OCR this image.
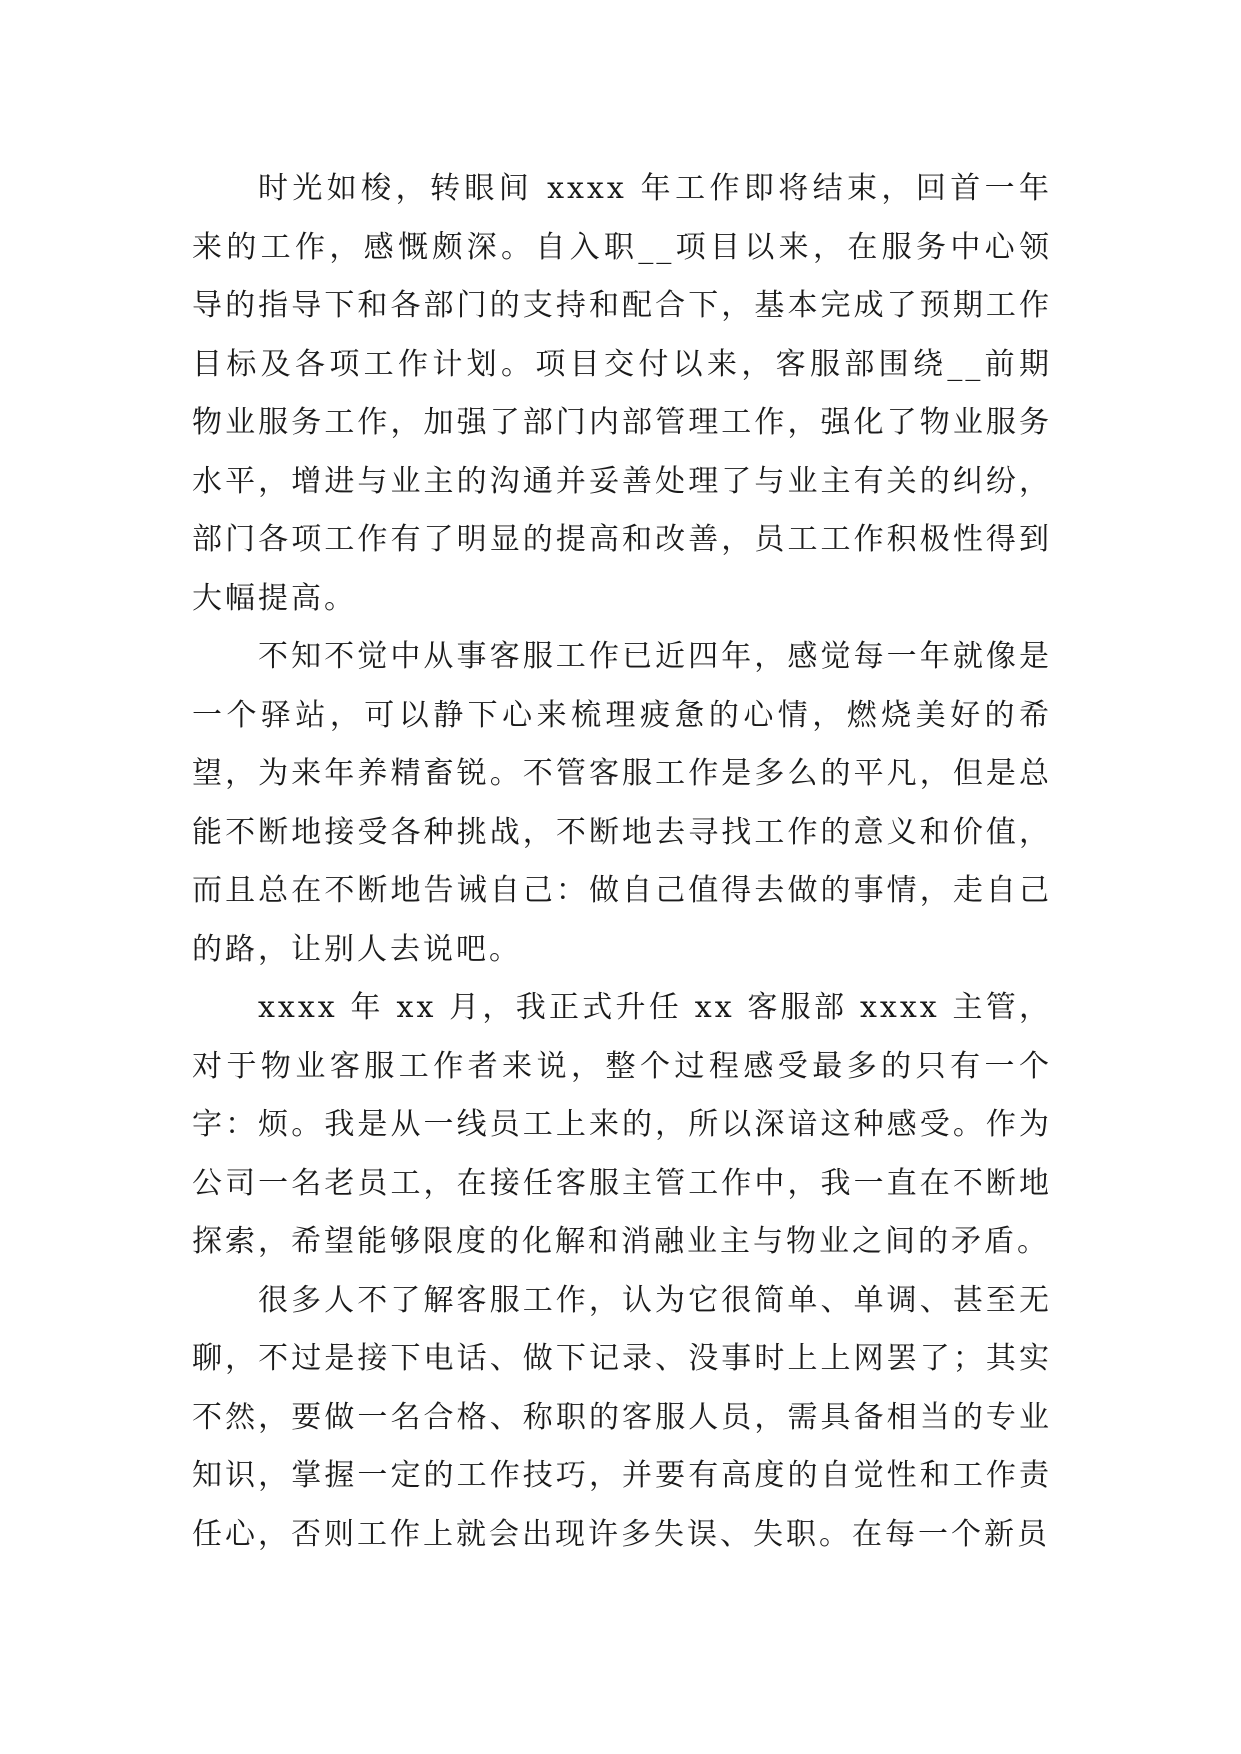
时光如梭，转眼间 xxxx 年工作即将结束，回首一年来的工作，感慨颇深。自入职__项目以来，在服务中心领导的指导下和各部门的支持和配合下，基本完成了预期工作目标及各项工作计划。项目交付以来，客服部围绕__前期物业服务工作，加强了部门内部管理工作，强化了物业服务水平，增进与业主的沟通并妥善处理了与业主有关的纠纷，部门各项工作有了明显的提高和改善，员工工作积极性得到大幅提高。

不知不觉中从事客服工作已近四年，感觉每一年就像是一个驿站，可以静下心来梳理疲惫的心情，燃烧美好的希望，为来年养精畜锐。不管客服工作是多么的平凡，但是总能不断地接受各种挑战，不断地去寻找工作的意义和价值，而且总在不断地告诫自己：做自己值得去做的事情，走自己的路，让别人去说吧。

xxxx 年 xx 月，我正式升任 xx 客服部 xxxx 主管，对于物业客服工作者来说，整个过程感受最多的只有一个字：烦。我是从一线员工上来的，所以深谙这种感受。作为公司一名老员工，在接任客服主管工作中，我一直在不断地探索，希望能够限度的化解和消融业主与物业之间的矛盾。

很多人不了解客服工作，认为它很简单、单调、甚至无聊，不过是接下电话、做下记录、没事时上上网罢了；其实不然，要做一名合格、称职的客服人员，需具备相当的专业知识，掌握一定的工作技巧，并要有高度的自觉性和工作责任心，否则工作上就会出现许多失误、失职。在每一个新员
